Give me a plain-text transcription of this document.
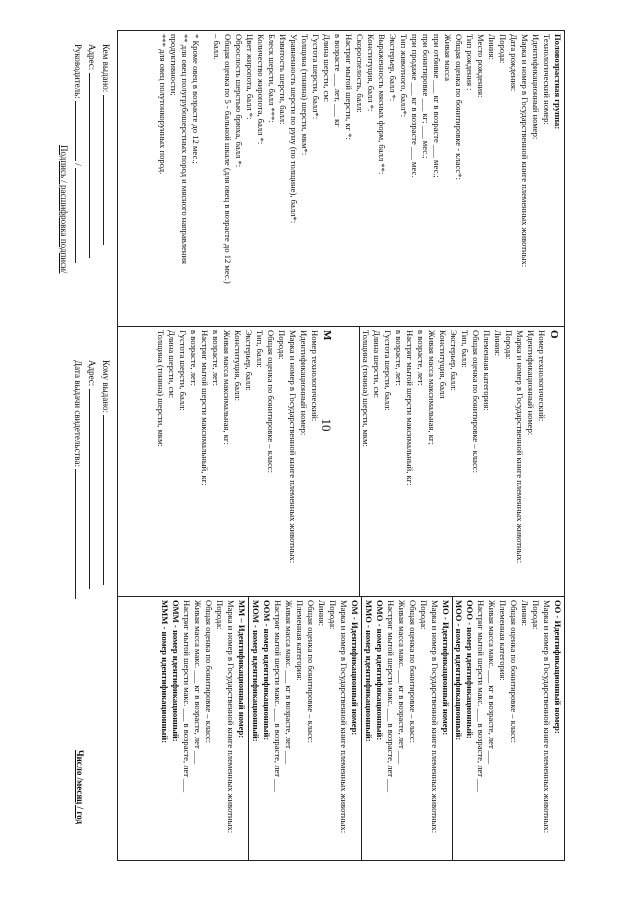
10
Половозрастная группа:
Технологический номер:
Идентификационный номер:
Марка и номер в Государственной книге племенных животных:
Дата рождения:
Порода:
Линия:
Место рождения:
Тип рождения :
Общая оценка по бонитировке - класс*:
Живая масса
при отбивке ___ кг в возрасте ___ мес.;
при бонитировке ___ кг; ___ мес.;
при продаже ___ кг в возрасте ___ мес.
Тип животного, балл*:
Экстерьер, балл *:
Выраженность мясных форм, балл **:
Конституция, балл *:
Скороспелость, балл:
Настриг мытой шерсти, кг *:
в возрасте ___ лет, ___ кг
Длина шерсти, см:
Густота шерсти, балл*:
Толщина (тонина) шерсти, мкм*:
Уравненность шерсти по руну (по толщине), балл*:
Извитость шерсти, балл:
Блеск шерсти, балл ***:
Количество жиропота, балл *:
Цвет жиропота, балл *:
Оброслость шерстью брюха, балл *:
Общая оценка по 5 - бальной шкале (для овец в возрасте до 12 мес.)
– балл.
* Кроме овец в возрасте до 12 мес.;
** для овец полугрубошерстных пород и мясного направления продуктивности;
*** для овец полутонкорунных пород.

О
Номер технологический:
Идентификационный номер:
Марка и номер в Государственной книге племенных животных:
Порода:
Линия:
Племенная категория:
Общая оценка по бонитировке – класс:
Тип, балл:
Экстерьер, балл:
Конституция, балл
Живая масса максимальная, кг;
в возрасте, лет:
Настриг мытой шерсти максимальный, кг:
в возрасте, лет:
Густота шерсти, балл:
Длина шерсти, см:
Толщина (тонина) шерсти, мкм:
М
Номер технологический:
Идентификационный номер:
Марка и номер в Государственной книге племенных животных:
Порода:
Общая оценка по бонитировке – класс:
Тип, балл:
Экстерьер, балл:
Конституция, балл:
Живая масса максимальная, кг:
в возрасте, лет:
Настриг мытой шерсти максимальный, кг:
в возрасте, лет:
Густота шерсти, балл:
Длина шерсти, см:
Толщина (тонина) шерсти, мкм:

ОО - Идентификационный номер:
Марка и номер в Государственной книге племенных животных:
Порода:
Линия:
Общая оценка по бонитировке – класс:
Племенная категория:
Живая масса макс. ___ кг в возрасте, лет ___
Настриг мытой шерсти макс. ___ в возрасте, лет ___
ООО - номер идентификационный:
МОО - номер идентификационный:
МО - Идентификационный номер:
Марка и номер в Государственной книге племенных животных:
Порода:
Общая оценка по бонитировке – класс:
Живая масса макс. ___ кг в возрасте, лет ___
Настриг мытой шерсти макс. ___ в возрасте, лет ___
ОМО - номер идентификационный:
ММО - номер идентификационный:
ОМ - Идентификационный номер:
Марка и номер в Государственной книге племенных животных:
Порода:
Линия:
Общая оценка по бонитировке – класс:
Племенная категория:
Живая масса макс. ___ кг в возрасте, лет ___
Настриг мытой шерсти макс. ___ в возрасте, лет ___
ООМ - номер идентификационный:
МОМ - номер идентификационный:
ММ – Идентификационный номер:
Марка и номер в Государственной книге племенных животных:
Порода:
Общая оценка по бонитировке – класс:
Живая масса макс. ___ кг в возрасте, лет ___
Настриг мытой шерсти макс. ___ в возрасте, лет ___
ОММ - номер идентификационный:
МММ - номер идентификационный:
Кем выдано:
Адрес:
Руководитель:  /
Подпись / расшифровка подписи/
Кому выдано:
Адрес:
Дата выдачи свидетельства:
Число /месяц / год
